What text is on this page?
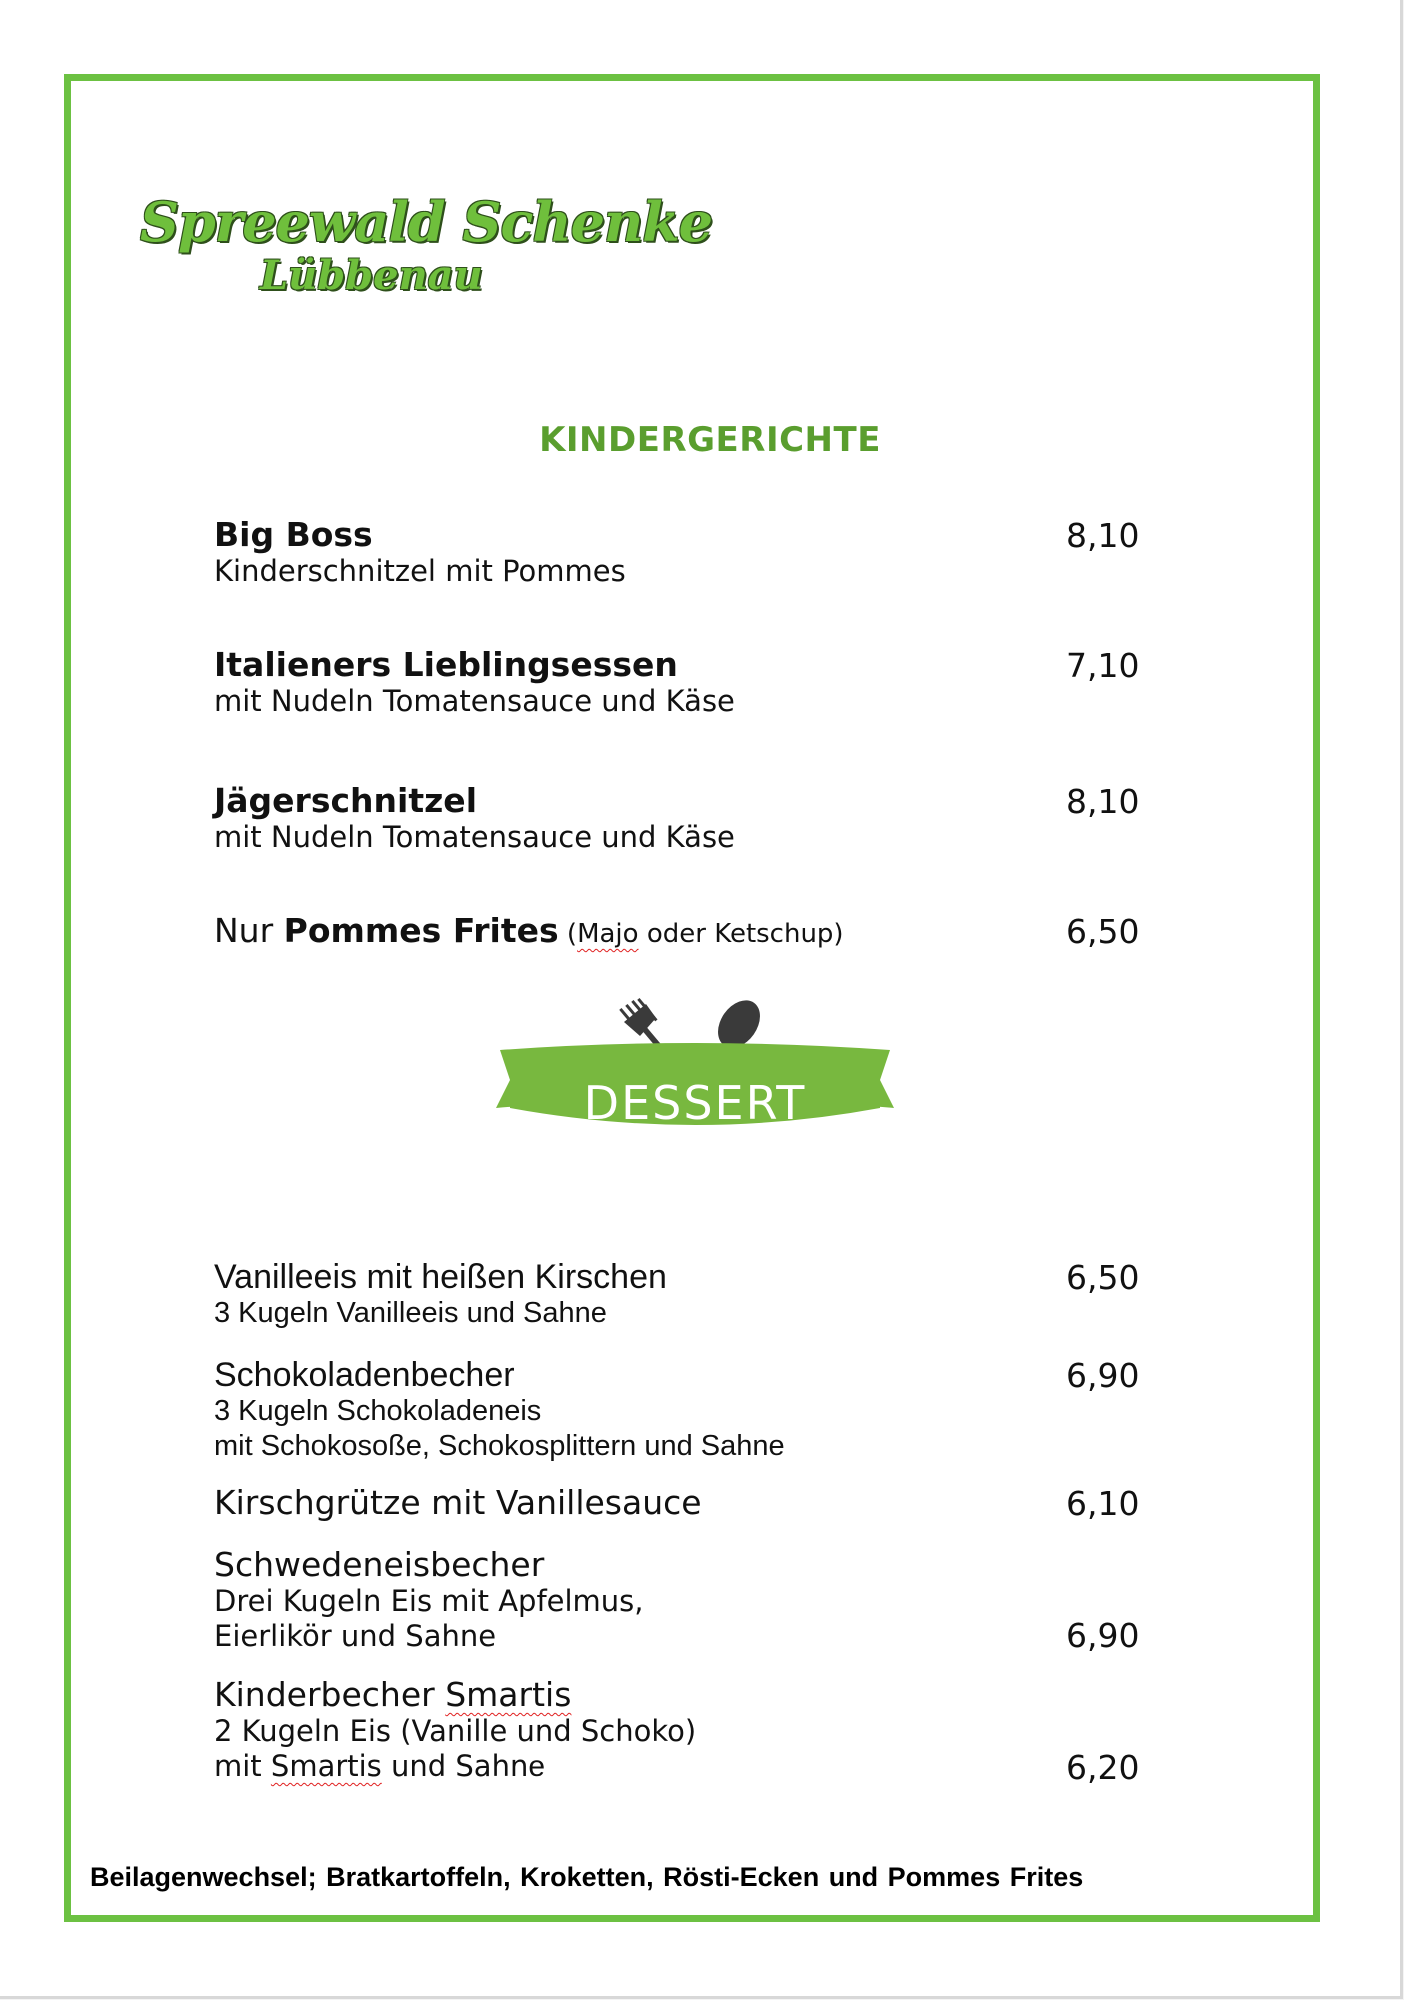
Spreewald Schenke
Lübbenau
KINDERGERICHTE
Big Boss
Kinderschnitzel mit Pommes
8,10
Italieners Lieblingsessen
mit Nudeln Tomatensauce und Käse
7,10
Jägerschnitzel
mit Nudeln Tomatensauce und Käse
8,10
Nur Pommes Frites (Majo oder Ketschup)	6,50
DESSERT
Vanilleeis mit heißen Kirschen
3 Kugeln Vanilleeis und Sahne
6,50
Schokoladenbecher
3 Kugeln Schokoladeneis
mit Schokosoße, Schokosplittern und Sahne
6,90
Kirschgrütze mit Vanillesauce	6,10
Schwedeneisbecher
Drei Kugeln Eis mit Apfelmus,
Eierlikör und Sahne	6,90
Kinderbecher Smartis
2 Kugeln Eis (Vanille und Schoko)
mit Smartis und Sahne	6,20
Beilagenwechsel; Bratkartoffeln, Kroketten, Rösti-Ecken und Pommes Frites
